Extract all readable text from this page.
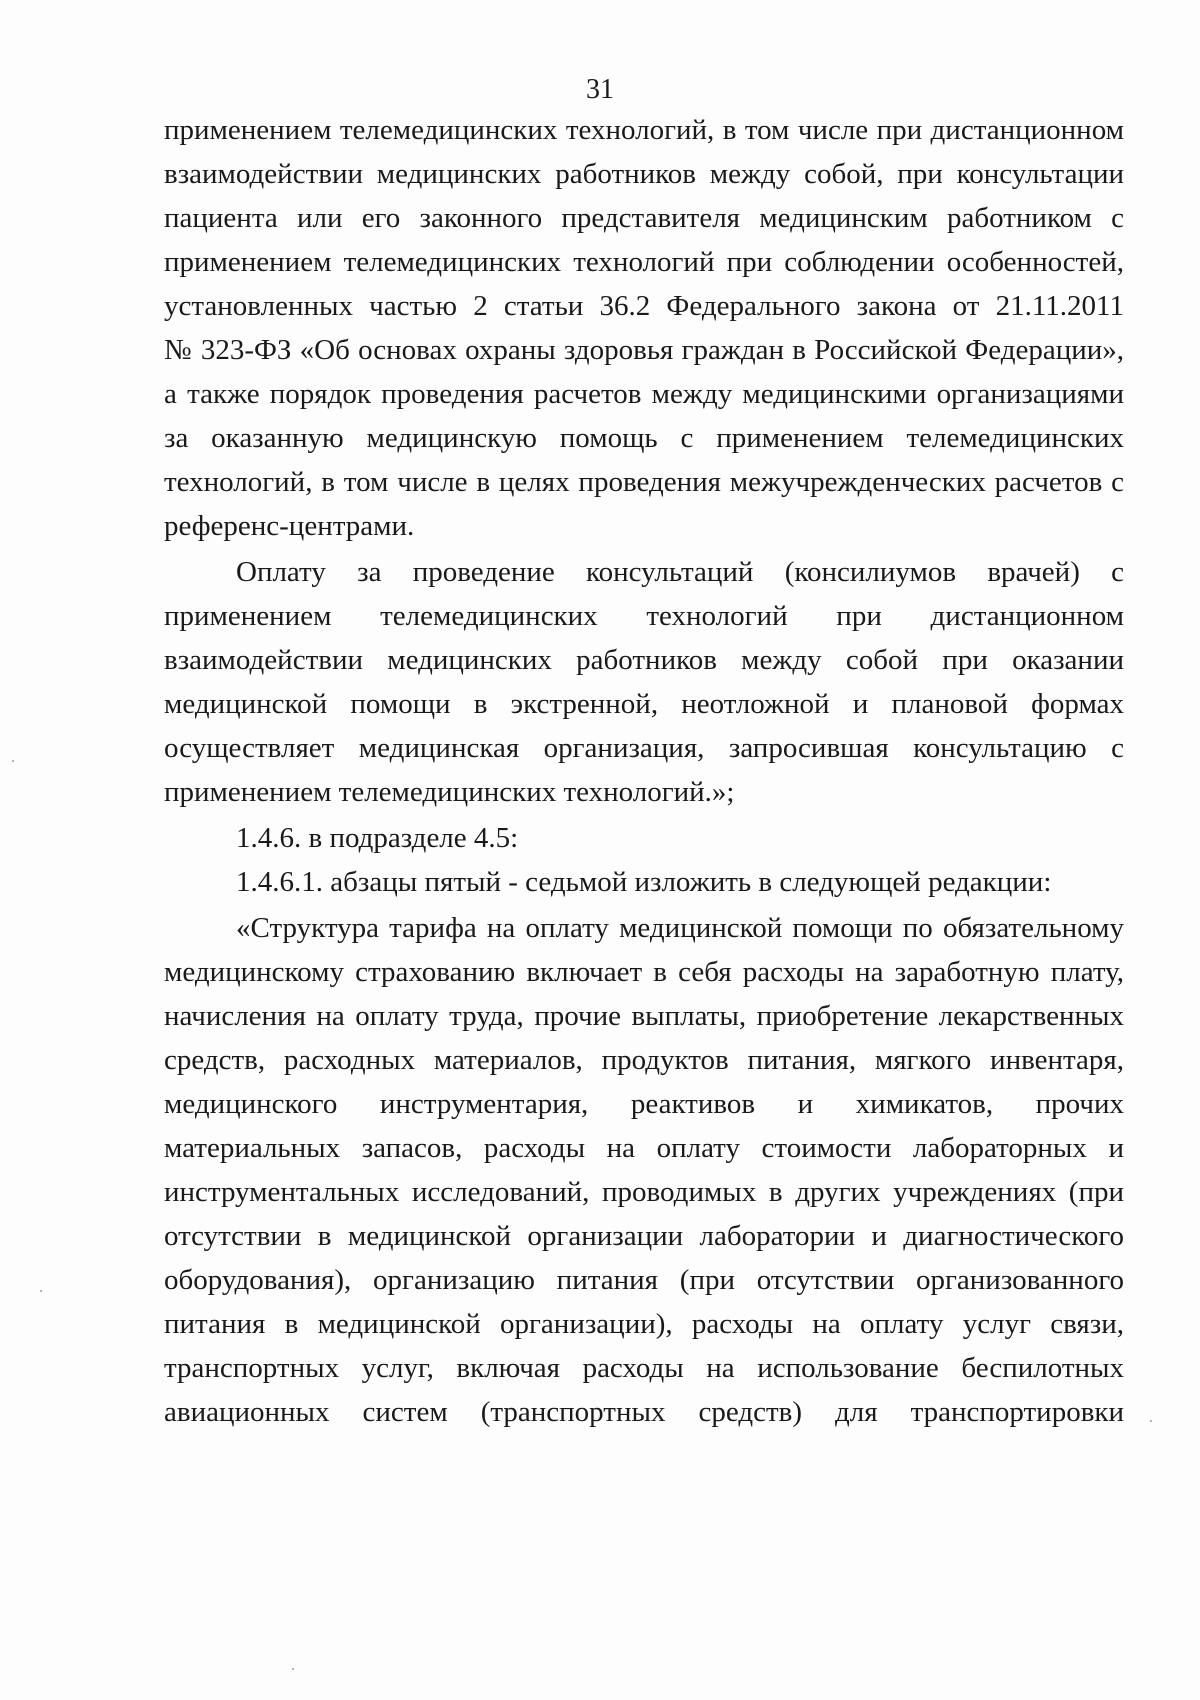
31
применением телемедицинских технологий, в том числе при дистанционном
взаимодействии медицинских работников между собой, при консультации
пациента или его законного представителя медицинским работником с
применением телемедицинских технологий при соблюдении особенностей,
установленных частью 2 статьи 36.2 Федерального закона от 21.11.2011
№ 323-ФЗ «Об основах охраны здоровья граждан в Российской Федерации»,
а также порядок проведения расчетов между медицинскими организациями
за оказанную медицинскую помощь с применением телемедицинских
технологий, в том числе в целях проведения межучрежденческих расчетов с
референс-центрами.
Оплату за проведение консультаций (консилиумов врачей) с
применением телемедицинских технологий при дистанционном
взаимодействии медицинских работников между собой при оказании
медицинской помощи в экстренной, неотложной и плановой формах
осуществляет медицинская организация, запросившая консультацию с
применением телемедицинских технологий.»;
1.4.6. в подразделе 4.5:
1.4.6.1. абзацы пятый - седьмой изложить в следующей редакции:
«Структура тарифа на оплату медицинской помощи по обязательному
медицинскому страхованию включает в себя расходы на заработную плату,
начисления на оплату труда, прочие выплаты, приобретение лекарственных
средств, расходных материалов, продуктов питания, мягкого инвентаря,
медицинского инструментария, реактивов и химикатов, прочих
материальных запасов, расходы на оплату стоимости лабораторных и
инструментальных исследований, проводимых в других учреждениях (при
отсутствии в медицинской организации лаборатории и диагностического
оборудования), организацию питания (при отсутствии организованного
питания в медицинской организации), расходы на оплату услуг связи,
транспортных услуг, включая расходы на использование беспилотных
авиационных систем (транспортных средств) для транспортировки
